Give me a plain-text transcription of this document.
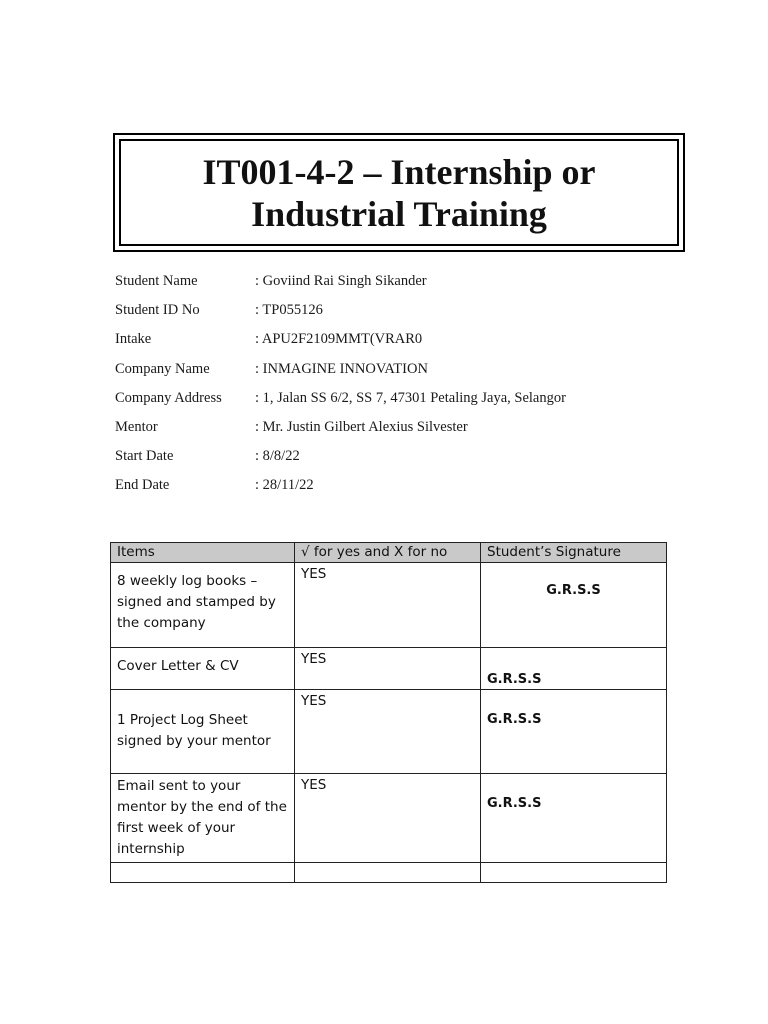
IT001-4-2 – Internship or
Industrial Training
Student Name	: Goviind Rai Singh Sikander
Student ID No	: TP055126
Intake	: APU2F2109MMT(VRAR0
Company Name	: INMAGINE INNOVATION
Company Address	: 1, Jalan SS 6/2, SS 7, 47301 Petaling Jaya, Selangor
Mentor	: Mr. Justin Gilbert Alexius Silvester
Start Date	: 8/8/22
End Date	: 28/11/22
Items	√ for yes and X for no	Student’s Signature

8 weekly log books – signed and stamped by the company	YES	G.R.S.S

Cover Letter & CV	YES	G.R.S.S

1 Project Log Sheet signed by your mentor	YES	G.R.S.S

Email sent to your mentor by the end of the first week of your internship	YES	G.R.S.S
